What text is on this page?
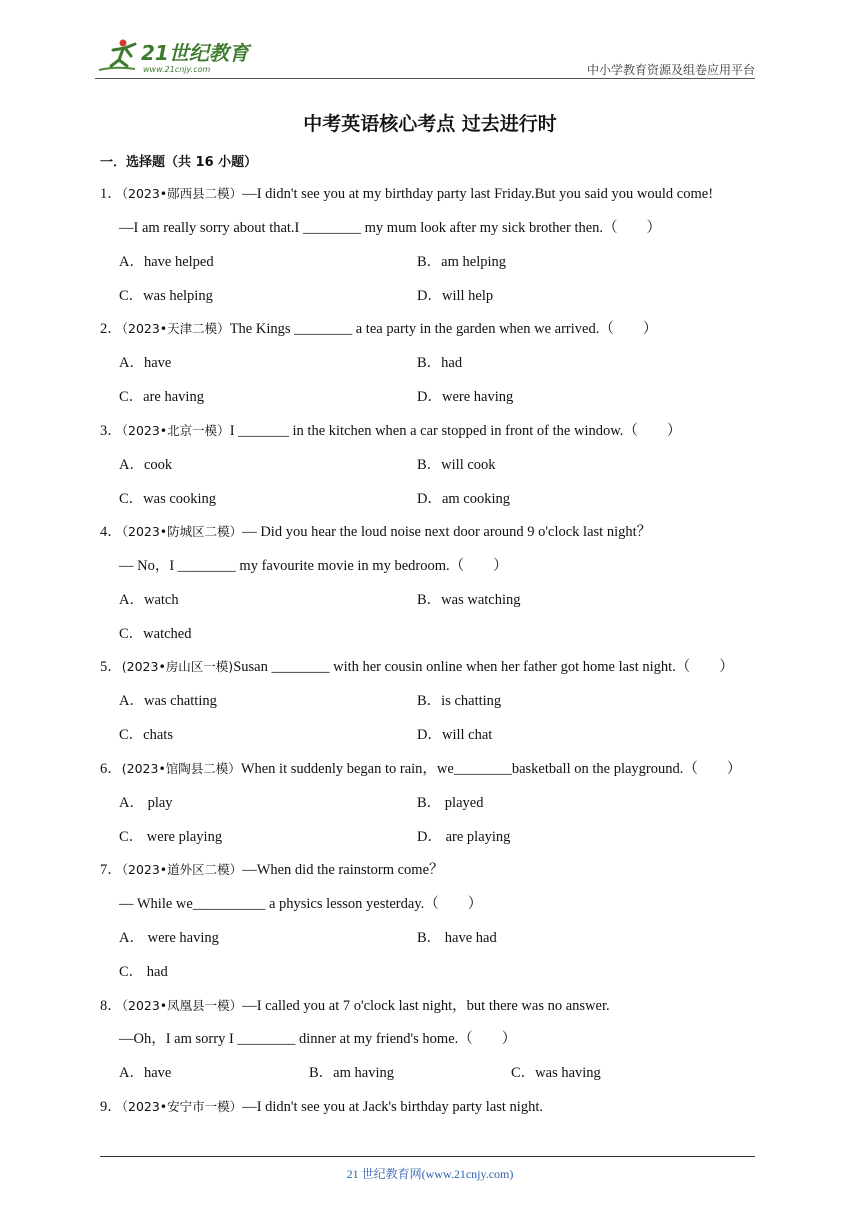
21世纪教育
www.21cnjy.com	中小学教育资源及组卷应用平台
中考英语核心考点 过去进行时
一．选择题（共 16 小题）
1．（2023•郧西县二模）—I didn't see you at my birthday party last Friday.But you said you would come!
—I am really sorry about that.I ________ my mum look after my sick brother then.（　　）
A．have helped	B．am helping
C．was helping	D．will help
2．（2023•天津二模）The Kings ________ a tea party in the garden when we arrived.（　　）
A．have	B．had
C．are having	D．were having
3．（2023•北京一模）I _______ in the kitchen when a car stopped in front of the window.（　　）
A．cook	B．will cook
C．was cooking	D．am cooking
4．（2023•防城区二模）— Did you hear the loud noise next door around 9 o'clock last night？
— No，I ________ my favourite movie in my bedroom.（　　）
A．watch	B．was watching
C．watched
5．(2023•房山区一模)Susan ________ with her cousin online when her father got home last night.（　　）
A．was chatting	B．is chatting
C．chats	D．will chat
6．(2023•馆陶县二模）When it suddenly began to rain，we________basketball on the playground.（　　）
A． play	B． played
C． were playing	D． are playing
7．（2023•道外区二模）—When did the rainstorm come？
— While we__________ a physics lesson yesterday.（　　）
A． were having	B． have had
C． had
8．（2023•凤凰县一模）—I called you at 7 o'clock last night，but there was no answer.
—Oh，I am sorry I ________ dinner at my friend's home.（　　）
A．have	B．am having	C．was having
9．（2023•安宁市一模）—I didn't see you at Jack's birthday party last night.
21 世纪教育网(www.21cnjy.com)
